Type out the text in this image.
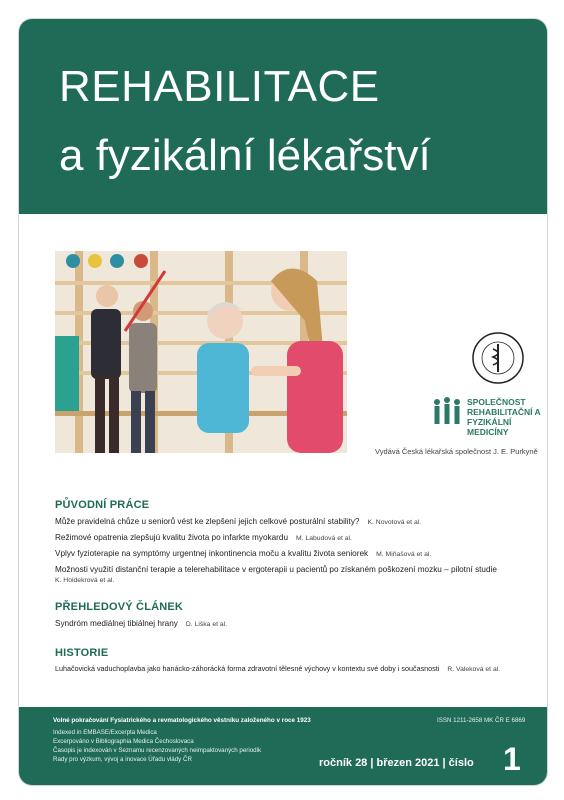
REHABILITACE
a fyzikální lékařství
SPOLEČNOST REHABILITAČNÍ A FYZIKÁLNÍ MEDICÍNY
Vydává Česká lékařská společnost J. E. Purkyně
PŮVODNÍ PRÁCE
Může pravidelná chůze u seniorů vést ke zlepšení jejich celkové posturální stability? K. Novotová et al.
Režimové opatrenia zlepšujú kvalitu života po infarkte myokardu M. Labudová et al.
Vplyv fyzioterapie na symptómy urgentnej inkontinencia moču a kvalitu života seniorek M. Miňašová et al.
Možnosti využití distanční terapie a telerehabilitace v ergoterapii u pacientů po získaném poškození mozku – pilotní studie
K. Hoidekrová et al.
PŘEHLEDOVÝ ČLÁNEK
Syndróm mediálnej tibiálnej hrany D. Liška et al.
HISTORIE
Luhačovická vaduchoplavba jako hanácko-záhorácká forma zdravotní tělesné výchovy v kontextu své doby i současnosti R. Valeková et al.
Volné pokračování Fysiatrického a revmatologického věstníku založeného v roce 1923	ISSN 1211-2658 MK ČR E 6869
Indexed in EMBASE/Excerpta Medica
Excerpováno v Bibliographia Medica Čechoslovaca
Časopis je indexován v Seznamu recenzovaných neimpaktovaných periodik
Rady pro výzkum, vývoj a inovace Úřadu vlády ČR	ročník 28 | březen 2021 | číslo 1
